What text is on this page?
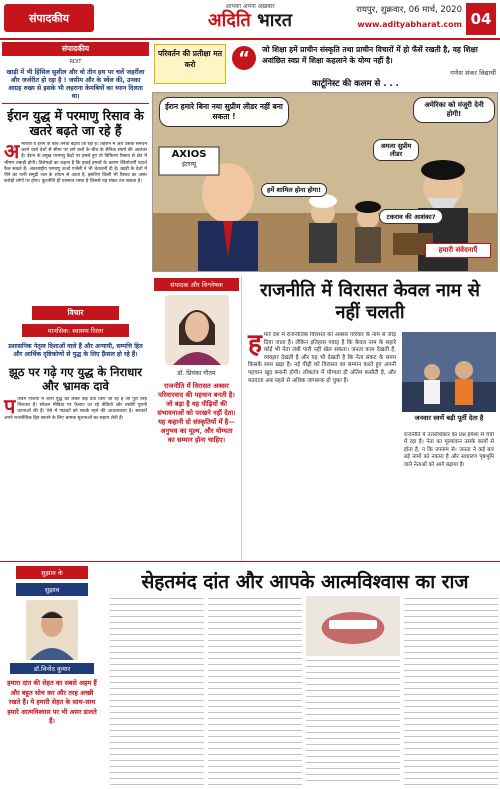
संपादकीय
आपका अपना अख़बार
अदिति भारत	रायपुर, शुक्रवार, 06 मार्च, 2020
www.adityabharat.com 04
संपादकीय
RDIT
खाड़ी में भी हिंसिल सुशील और वो तीन हथ पर चलें जहर्रीला और जर्जरीत हो रहा है ! जसीम और के स्वेंल की, उनका आग्रह रुख्य से इसके भी लहराना केमबियों का ध्यान दिलता था।
ईरान युद्ध में परमाणु रिसाव के खतरे बढ़ते जा रहे हैं
अमरिका व इरान के बीच तनाव बढ़ता जा रहा है। तेहरान में और उसके समर्थन करने वाले देशों से सीमा पर लगे बलों के बीच के सैनिक संघर्ष की आशंका है। ईरान के प्रमुख परमाणु केंद्रों पर हमले हुए तो विकिरण रिसाव से क्षेत्र में भीषण तबाही होगी। विशेषज्ञों का कहना है कि हवाई हमलों के कारण रेडियोधर्मी पदार्थ फैल सकते हैं। अंतरराष्ट्रीय परमाणु ऊर्जा एजेंसी ने भी चेतावनी दी है। खाड़ी के देशों में पीने का पानी समुद्री जल के शोधन से आता है, इसलिए किसी भी रिसाव का असर करोड़ों लोगों पर होगा। कूटनीति ही एकमात्र रास्ता है जिससे यह संकट टल सकता है।
विचार
मानसिक: स्वास्थ्य रिश्ता
प्रशासनिक नेतृत्व दिशाओं वाले हैं और अन्यायी, सम्पत्ति हित और आर्थिक दृष्टिकोणों से युद्ध के लिए फ़्रैंसल हो रहे हैं।
झूठ पर गढ़े गए युद्ध के निराधार और भ्रामक दावे
पश्चिम एशिया में जारी युद्ध को लेकर कई दावे किए जा रहे हैं जो पूरी तरह निराधार हैं। सोशल मीडिया पर फैलाए जा रहे वीडियो और तस्वीरें पुरानी घटनाओं की हैं। ऐसे में पाठकों को सतर्क रहने की आवश्यकता है। सरकारें अपने राजनीतिक हित साधने के लिए भ्रामक सूचनाओं का सहारा लेती हैं।
परिवर्तन की प्रतीक्षा मत करो	“	जो शिक्षा हमें प्राचीन संस्कृति तथा प्राचीन विचारों में हो फँसें रखती है, वह शिक्षा अवांछित स्वप्न में शिक्षा कहलाने के योग्य नहीं है।
गणेश शंकर विद्यार्थी
कार्टूनिस्ट की कलम से . . .
AXIOS
इंटरव्यू
ईरान हमारे बिना नया सुप्रीम लीडर नहीं बना सकता !
अमेरिका को मंजूरी देनी होगी!
अमला सुप्रीम लीडर
हमें शामिल होना होगा!
टकराव की आशंका?
हमारी संवेदनाएँ
संपादक और विश्लेषक
डॉ. प्रियंका गौतम
राजनीति में विरासत अक्सर परिवारवाद की पहचान बनती है। जो बड़ा है वह पीढ़ियों की संभावनाओं को परखने नहीं देता। यह कहानी दो संस्कृतियों में है— अनुभव का मूल्य, और योग्यता का सम्मान होना चाहिए।
राजनीति में विरासत केवल नाम से नहीं चलती
हमारे देश में राजनीतिक विरासत को अक्सर परिवार के नाम से जोड़ दिया जाता है। लेकिन इतिहास गवाह है कि केवल नाम के सहारे कोई भी नेता लंबी पारी नहीं खेल सकता। जनता काम देखती है, व्यवहार देखती है और यह भी देखती है कि नेता संकट के समय किसके साथ खड़ा है। नई पीढ़ी को विरासत का सम्मान करते हुए अपनी पहचान खुद बनानी होगी। लोकतंत्र में योग्यता ही अंतिम कसौटी है, और मतदाता अब पहले से अधिक जागरूक हो चुका है।
जनवार स्वर्णे बड़ी पूर्ती देता है
राजनीति में उत्तराधिकार का प्रश्न हमेशा से चर्चा में रहा है। नेता का मूल्यांकन उसके कार्यों से होता है, न कि उपनाम से। जनता ने कई बार बड़े नामों को नकारा है और साधारण पृष्ठभूमि वाले नेताओं को आगे बढ़ाया है।
सुझाव के
सुझाव
डॉ.विनोद कुमार
हमारा दांत की सेहत का सबसे अहम हैं और बहुत सोच कर और तरह अच्छी रखते हैं। ये हमारी सेहत के साथ-साथ हमारे आत्मविश्वास पर भी असर डालते हैं।
सेहतमंद दांत और आपके आत्मविश्वास का राज
